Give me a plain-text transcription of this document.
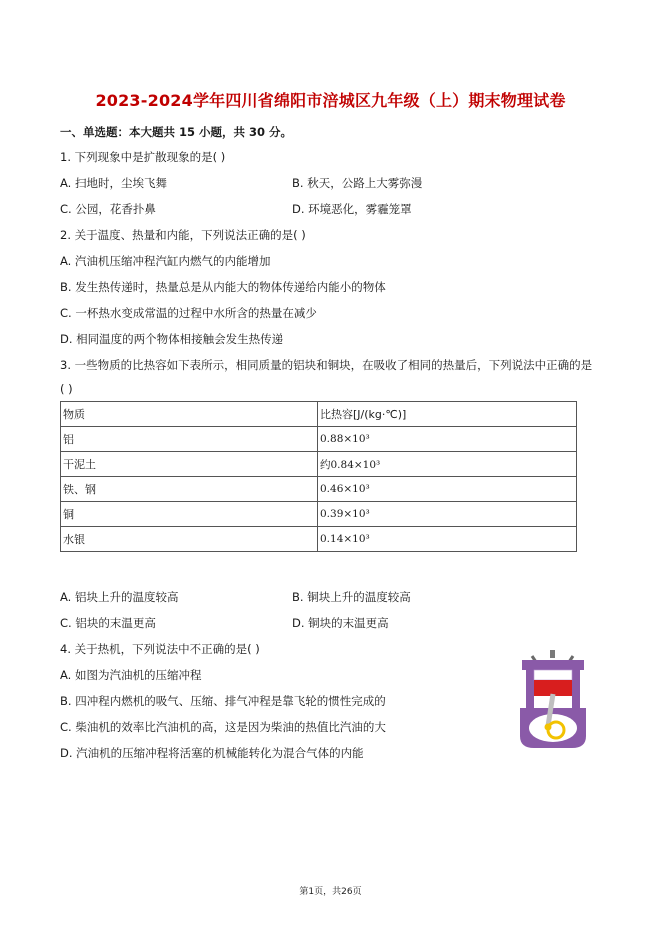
2023-2024学年四川省绵阳市涪城区九年级（上）期末物理试卷
一、单选题：本大题共 15 小题，共 30 分。
1. 下列现象中是扩散现象的是( )
A. 扫地时，尘埃飞舞	B. 秋天，公路上大雾弥漫
C. 公园，花香扑鼻	D. 环境恶化，雾霾笼罩
2. 关于温度、热量和内能，下列说法正确的是( )
A. 汽油机压缩冲程汽缸内燃气的内能增加
B. 发生热传递时，热量总是从内能大的物体传递给内能小的物体
C. 一杯热水变成常温的过程中水所含的热量在减少
D. 相同温度的两个物体相接触会发生热传递
3. 一些物质的比热容如下表所示，相同质量的铝块和铜块，在吸收了相同的热量后，下列说法中正确的是
( )
物质	比热容[J/(kg·℃)]
铝	0.88×10³
干泥土	约0.84×10³
铁、钢	0.46×10³
铜	0.39×10³
水银	0.14×10³
A. 铝块上升的温度较高	B. 铜块上升的温度较高
C. 铝块的末温更高	D. 铜块的末温更高
4. 关于热机，下列说法中不正确的是( )
A. 如图为汽油机的压缩冲程
B. 四冲程内燃机的吸气、压缩、排气冲程是靠飞轮的惯性完成的
C. 柴油机的效率比汽油机的高，这是因为柴油的热值比汽油的大
D. 汽油机的压缩冲程将活塞的机械能转化为混合气体的内能
第1页，共26页
